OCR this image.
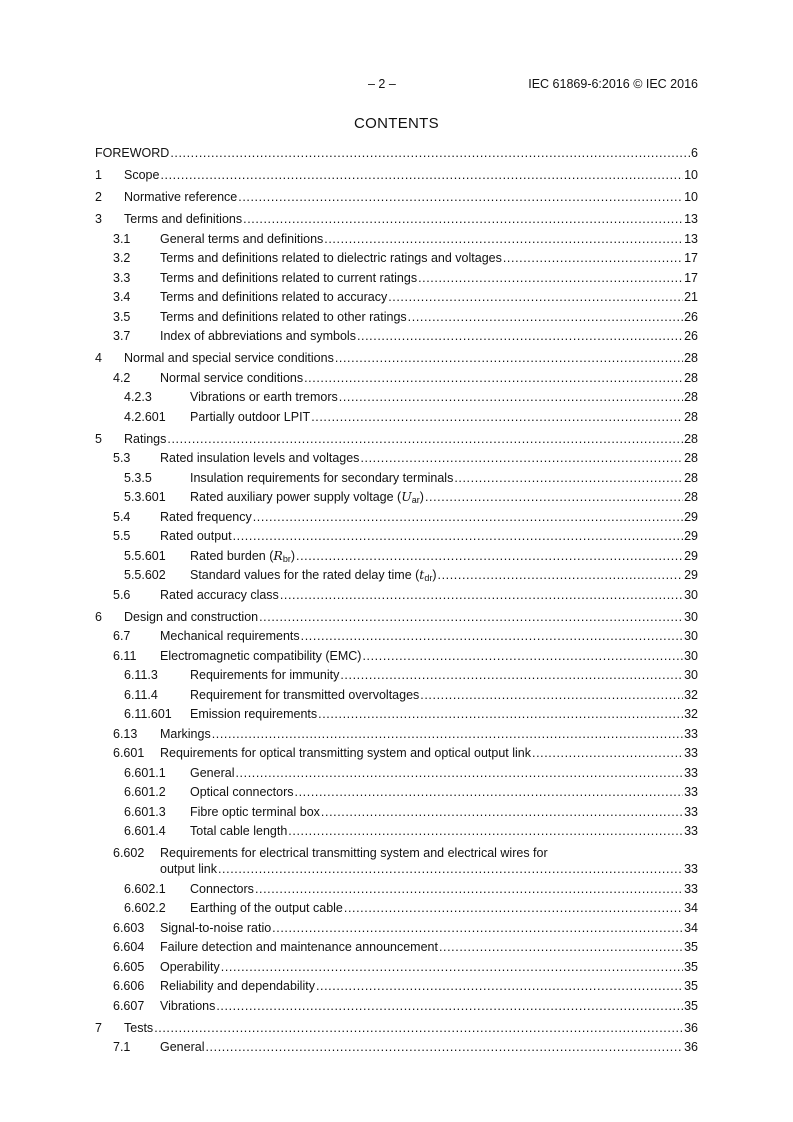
– 2 –	IEC 61869-6:2016 © IEC 2016
CONTENTS
FOREWORD .....	6
1 Scope .....	10
2 Normative reference .....	10
3 Terms and definitions .....	13
3.1 General terms and definitions .....	13
3.2 Terms and definitions related to dielectric ratings and voltages .....	17
3.3 Terms and definitions related to current ratings .....	17
3.4 Terms and definitions related to accuracy .....	21
3.5 Terms and definitions related to other ratings .....	26
3.7 Index of abbreviations and symbols .....	26
4 Normal and special service conditions .....	28
4.2 Normal service conditions .....	28
4.2.3	Vibrations or earth tremors .....	28
4.2.601 Partially outdoor LPIT .....	28
5 Ratings .....	28
5.3 Rated insulation levels and voltages .....	28
5.3.5	Insulation requirements for secondary terminals .....	28
5.3.601 Rated auxiliary power supply voltage $(U_{ar})$ .....	28
5.4 Rated frequency .....	29
5.5 Rated output .....	29
5.5.601 Rated burden $(R_{br})$ .....	29
5.5.602 Standard values for the rated delay time $(t_{dr})$ .....	29
5.6 Rated accuracy class .....	30
6 Design and construction .....	30
6.7 Mechanical requirements .....	30
6.11 Electromagnetic compatibility (EMC) .....	30
6.11.3	Requirements for immunity .....	30
6.11.4	Requirement for transmitted overvoltages .....	32
6.11.601 Emission requirements .....	32
6.13 Markings .....	33
6.601 Requirements for optical transmitting system and optical output link .....	33
6.601.1 General .....	33
6.601.2 Optical connectors .....	33
6.601.3 Fibre optic terminal box .....	33
6.601.4 Total cable length .....	33
6.602 Requirements for electrical transmitting system and electrical wires for
output link .....	33
6.602.1 Connectors .....	33
6.602.2 Earthing of the output cable .....	34
6.603 Signal-to-noise ratio .....	34
6.604 Failure detection and maintenance announcement .....	35
6.605 Operability .....	35
6.606 Reliability and dependability .....	35
6.607 Vibrations .....	35
7 Tests .....	36
7.1 General .....	36
